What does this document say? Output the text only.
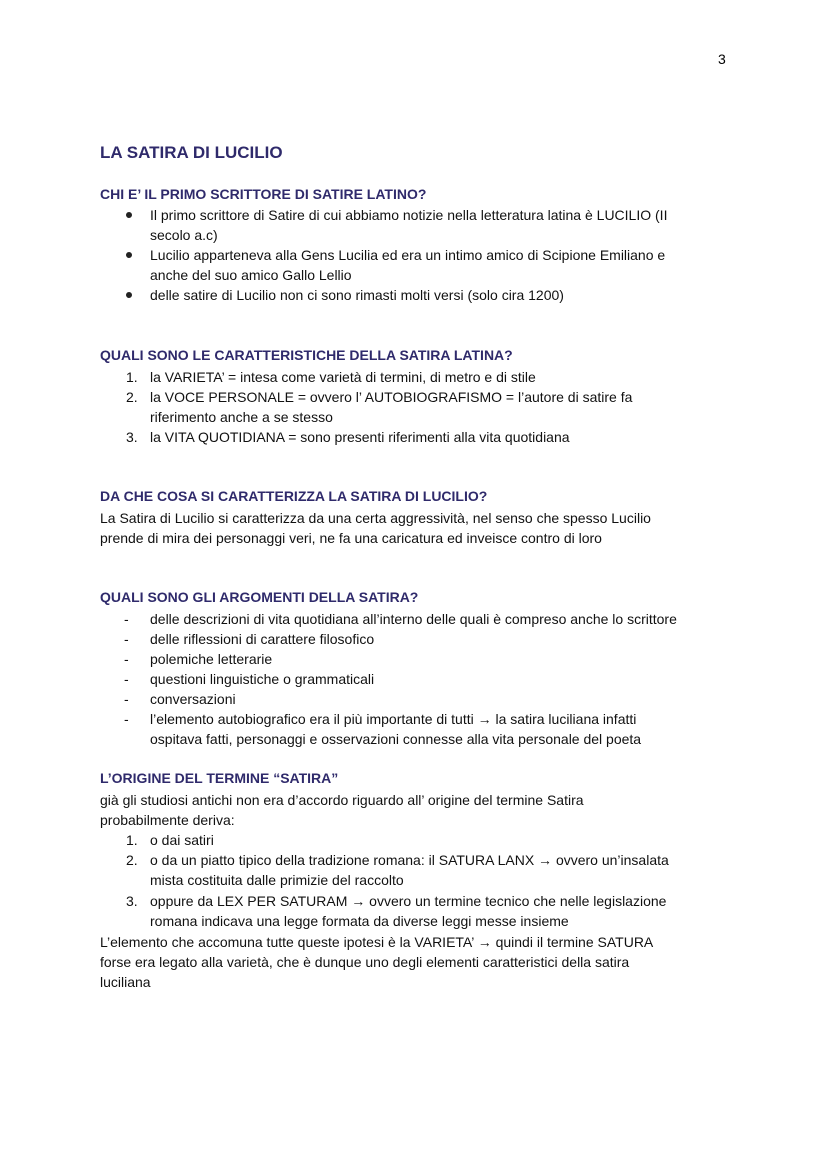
3
LA SATIRA DI LUCILIO
CHI E’ IL PRIMO SCRITTORE DI SATIRE LATINO?
Il primo scrittore di Satire di cui abbiamo notizie nella letteratura latina è LUCILIO (II
secolo a.c)
Lucilio apparteneva alla Gens Lucilia ed era un intimo amico di Scipione Emiliano e
anche del suo amico Gallo Lellio
delle satire di Lucilio non ci sono rimasti molti versi (solo cira 1200)
QUALI SONO LE CARATTERISTICHE DELLA SATIRA LATINA?
1. la VARIETA’ = intesa come varietà di termini, di metro e di stile
2. la VOCE PERSONALE = ovvero l’ AUTOBIOGRAFISMO = l’autore di satire fa
riferimento anche a se stesso
3. la VITA QUOTIDIANA = sono presenti riferimenti alla vita quotidiana
DA CHE COSA SI CARATTERIZZA LA SATIRA DI LUCILIO?
La Satira di Lucilio si caratterizza da una certa aggressività, nel senso che spesso Lucilio
prende di mira dei personaggi veri, ne fa una caricatura ed inveisce contro di loro
QUALI SONO GLI ARGOMENTI DELLA SATIRA?
- delle descrizioni di vita quotidiana all’interno delle quali è compreso anche lo scrittore
- delle riflessioni di carattere filosofico
- polemiche letterarie
- questioni linguistiche o grammaticali
- conversazioni
- l’elemento autobiografico era il più importante di tutti → la satira luciliana infatti
ospitava fatti, personaggi e osservazioni connesse alla vita personale del poeta
L’ORIGINE DEL TERMINE “SATIRA”
già gli studiosi antichi non era d’accordo riguardo all’ origine del termine Satira
probabilmente deriva:
1. o dai satiri
2. o da un piatto tipico della tradizione romana: il SATURA LANX → ovvero un’insalata
mista costituita dalle primizie del raccolto
3. oppure da LEX PER SATURAM → ovvero un termine tecnico che nelle legislazione
romana indicava una legge formata da diverse leggi messe insieme
L’elemento che accomuna tutte queste ipotesi è la VARIETA’ → quindi il termine SATURA
forse era legato alla varietà, che è dunque uno degli elementi caratteristici della satira
luciliana
